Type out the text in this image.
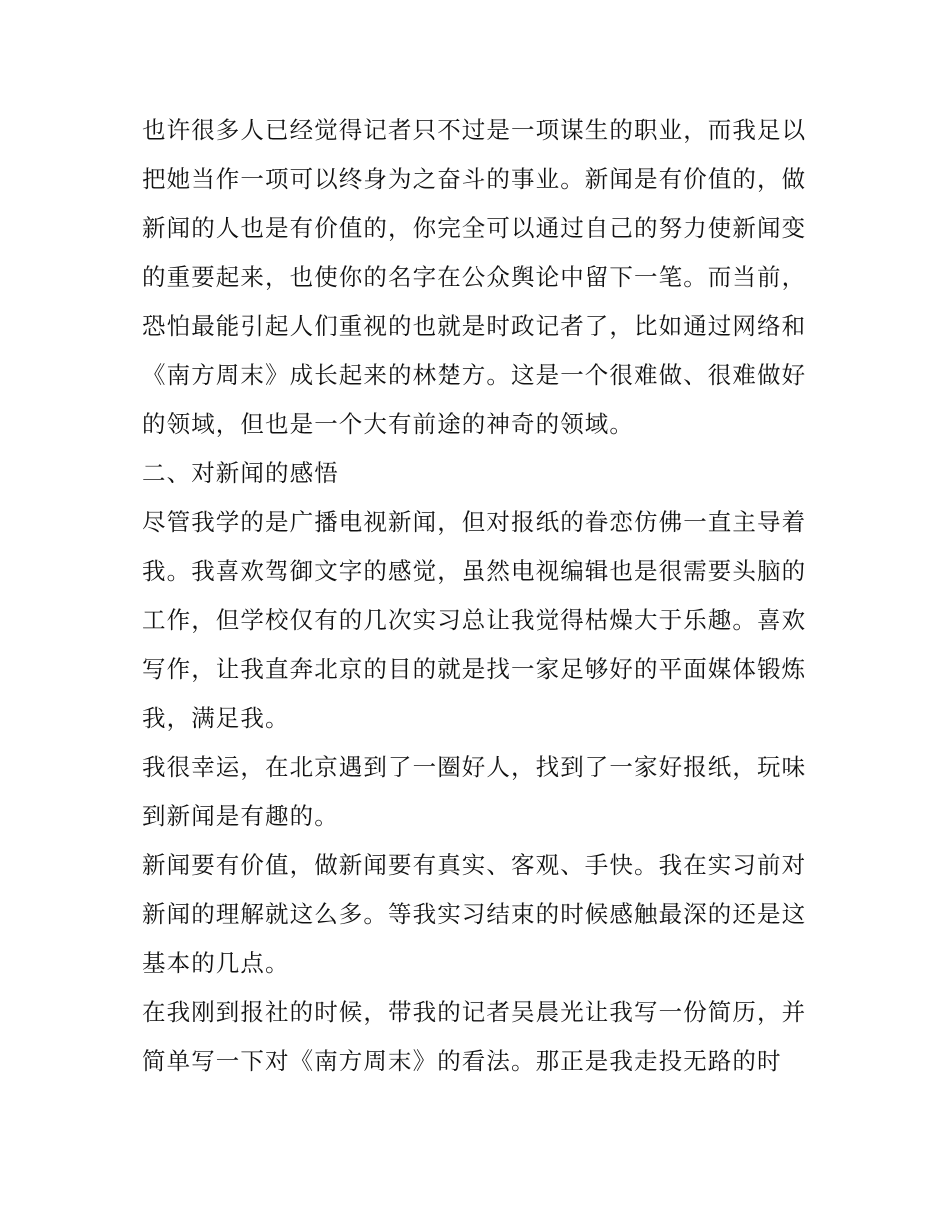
也许很多人已经觉得记者只不过是一项谋生的职业，而我足以
把她当作一项可以终身为之奋斗的事业。新闻是有价值的，做
新闻的人也是有价值的，你完全可以通过自己的努力使新闻变
的重要起来，也使你的名字在公众舆论中留下一笔。而当前，
恐怕最能引起人们重视的也就是时政记者了，比如通过网络和
《南方周末》成长起来的林楚方。这是一个很难做、很难做好
的领域，但也是一个大有前途的神奇的领域。
二、对新闻的感悟
尽管我学的是广播电视新闻，但对报纸的眷恋仿佛一直主导着
我。我喜欢驾御文字的感觉，虽然电视编辑也是很需要头脑的
工作，但学校仅有的几次实习总让我觉得枯燥大于乐趣。喜欢
写作，让我直奔北京的目的就是找一家足够好的平面媒体锻炼
我，满足我。
我很幸运，在北京遇到了一圈好人，找到了一家好报纸，玩味
到新闻是有趣的。
新闻要有价值，做新闻要有真实、客观、手快。我在实习前对
新闻的理解就这么多。等我实习结束的时候感触最深的还是这
基本的几点。
在我刚到报社的时候，带我的记者吴晨光让我写一份简历，并
简单写一下对《南方周末》的看法。那正是我走投无路的时
